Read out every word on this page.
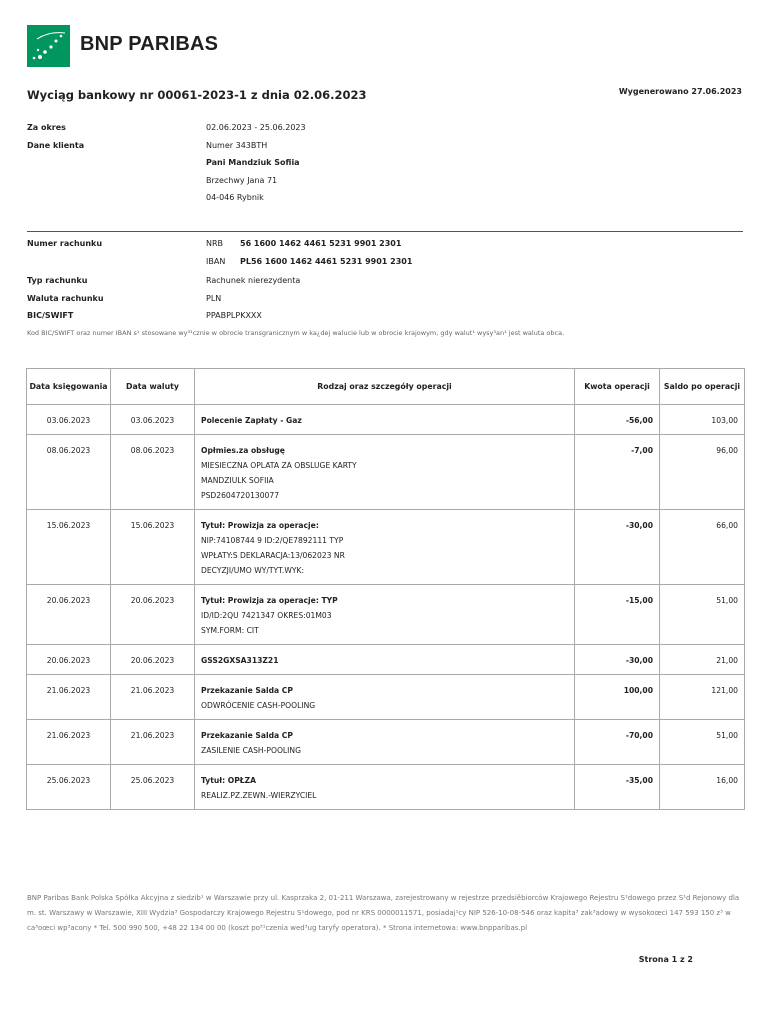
BNP PARIBAS
Wyciąg bankowy nr 00061-2023-1 z dnia 02.06.2023	Wygenerowano 27.06.2023
Za okres	02.06.2023 - 25.06.2023
Dane klienta	Numer 343BTH
Pani Mandziuk Sofiia
Brzechwy Jana 71
04-046 Rybnik
Numer rachunku	NRB 56 1600 1462 4461 5231 9901 2301
IBAN PL56 1600 1462 4461 5231 9901 2301
Typ rachunku	Rachunek nierezydenta
Waluta rachunku	PLN
BIC/SWIFT	PPABPLPKXXX
Kod BIC/SWIFT oraz numer IBAN s¹ stosowane wy³¹cznie w obrocie transgranicznym w ka¿dej walucie lub w obrocie krajowym, gdy walut¹ wysy³an¹ jest waluta obca.
Data księgowania	Data waluty	Rodzaj oraz szczegóły operacji	Kwota operacji	Saldo po operacji
03.06.2023	03.06.2023	Polecenie Zapłaty - Gaz	-56,00	103,00
08.06.2023	08.06.2023	Opłmies.za obsługę
MIESIECZNA OPLATA ZA OBSLUGE KARTY
MANDZIULK SOFIIA
PSD2604720130077	-7,00	96,00
15.06.2023	15.06.2023	Tytuł: Prowizja za operacje:
NIP:74108744 9 ID:2/QE7892111 TYP
WPŁATY:S DEKLARACJA:13/062023 NR
DECYZJI/UMO WY/TYT.WYK:	-30,00	66,00
20.06.2023	20.06.2023	Tytuł: Prowizja za operacje: TYP
ID/ID:2QU 7421347 OKRES:01M03
SYM.FORM: CIT	-15,00	51,00
20.06.2023	20.06.2023	GSS2GXSA313Z21	-30,00	21,00
21.06.2023	21.06.2023	Przekazanie Salda CP
ODWRÓCENIE CASH-POOLING	100,00	121,00
21.06.2023	21.06.2023	Przekazanie Salda CP
ZASILENIE CASH-POOLING	-70,00	51,00
25.06.2023	25.06.2023	Tytuł: OPŁZA
REALIZ.PZ.ZEWN.-WIERZYCIEL	-35,00	16,00
BNP Paribas Bank Polska Spółka Akcyjna z siedzib¹ w Warszawie przy ul. Kasprzaka 2, 01-211 Warszawa, zarejestrowany w rejestrze przedsiêbiorców Krajowego Rejestru S¹dowego przez S¹d Rejonowy dla m. st. Warszawy w Warszawie, XIII Wydzia³ Gospodarczy Krajowego Rejestru S¹dowego, pod nr KRS 0000011571, posiadaj¹cy NIP 526-10-08-546 oraz kapita³ zak³adowy w wysokoœci 147 593 150 z³ w ca³oœci wp³acony * Tel. 500 990 500, +48 22 134 00 00 (koszt po³¹czenia wed³ug taryfy operatora). * Strona internetowa: www.bnpparibas.pl
Strona 1 z 2
